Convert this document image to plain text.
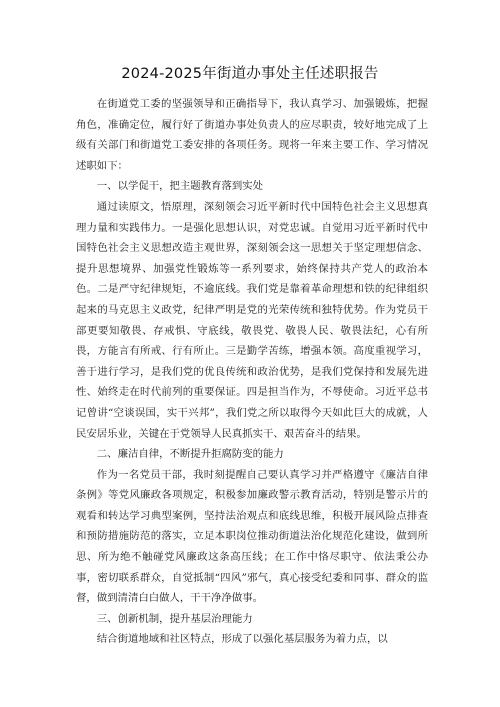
2024-2025年街道办事处主任述职报告

在街道党工委的坚强领导和正确指导下，我认真学习、加强锻炼，把握角色，准确定位，履行好了街道办事处负责人的应尽职责，较好地完成了上级有关部门和街道党工委安排的各项任务。现将一年来主要工作、学习情况述职如下：

一、以学促干，把主题教育落到实处

通过读原文，悟原理，深刻领会习近平新时代中国特色社会主义思想真理力量和实践伟力。一是强化思想认识，对党忠诚。自觉用习近平新时代中国特色社会主义思想改造主观世界，深刻领会这一思想关于坚定理想信念、提升思想境界、加强党性锻炼等一系列要求，始终保持共产党人的政治本色。二是严守纪律规矩，不逾底线。我们党是靠着革命理想和铁的纪律组织起来的马克思主义政党，纪律严明是党的光荣传统和独特优势。作为党员干部更要知敬畏、存戒惧、守底线，敬畏党、敬畏人民、敬畏法纪，心有所畏，方能言有所戒、行有所止。三是勤学苦练，增强本领。高度重视学习，善于进行学习，是我们党的优良传统和政治优势，是我们党保持和发展先进性、始终走在时代前列的重要保证。四是担当作为，不辱使命。习近平总书记曾讲“空谈误国，实干兴邦”，我们党之所以取得今天如此巨大的成就，人民安居乐业，关键在于党领导人民真抓实干、艰苦奋斗的结果。

二、廉洁自律，不断提升拒腐防变的能力

作为一名党员干部，我时刻提醒自己要认真学习并严格遵守《廉洁自律条例》等党风廉政各项规定，积极参加廉政警示教育活动，特别是警示片的观看和转达学习典型案例，坚持法治观点和底线思维，积极开展风险点排查和预防措施防范的落实，立足本职岗位推动街道法治化规范化建设，做到所思、所为绝不触碰党风廉政这条高压线；在工作中恪尽职守、依法秉公办事，密切联系群众，自觉抵制“四风”邪气，真心接受纪委和同事、群众的监督，做到清清白白做人，干干净净做事。

三、创新机制，提升基层治理能力

结合街道地域和社区特点，形成了以强化基层服务为着力点，以
